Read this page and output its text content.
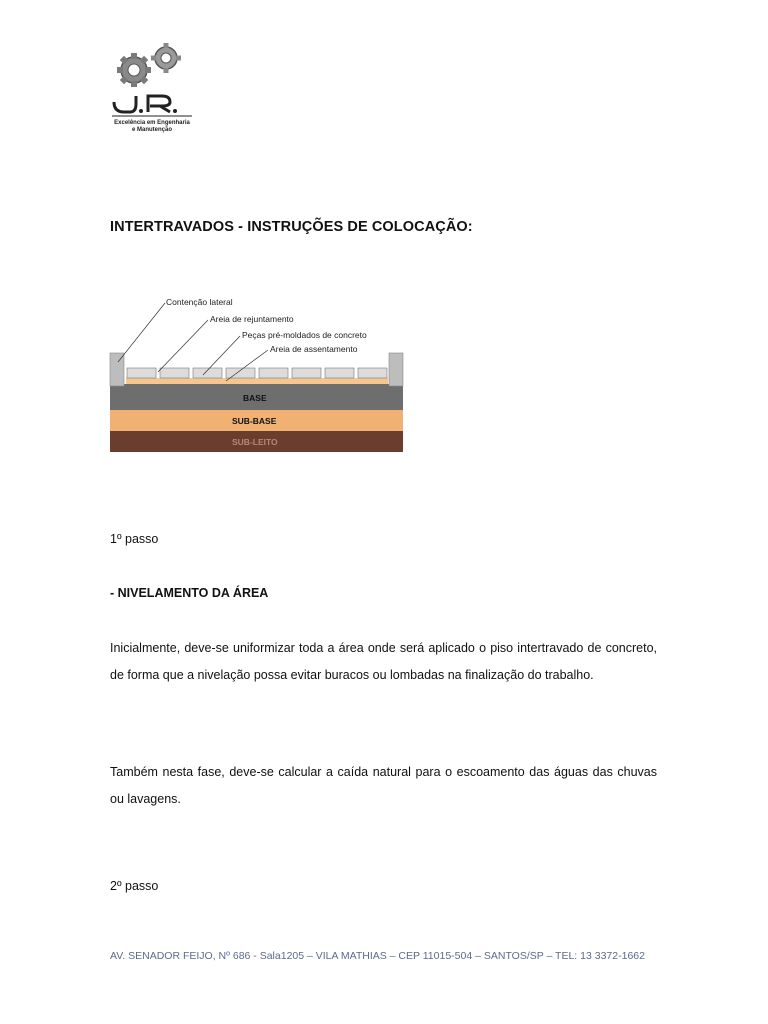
Excelência em Engenharia
e Manutenção
INTERTRAVADOS - INSTRUÇÕES DE COLOCAÇÃO:
Contenção lateral
Areia de rejuntamento
Peças pré-moldados de concreto
Areia de assentamento
BASE
SUB-BASE
SUB-LEITO
1º passo
- NIVELAMENTO DA ÁREA

Inicialmente, deve-se uniformizar toda a área onde será aplicado o piso intertravado de concreto, de forma que a nivelação possa evitar buracos ou lombadas na finalização do trabalho.

Também nesta fase, deve-se calcular a caída natural para o escoamento das águas das chuvas ou lavagens.

2º passo
AV. SENADOR FEIJO, Nº 686 - Sala1205 – VILA MATHIAS – CEP 11015-504 – SANTOS/SP – TEL: 13 3372-1662
